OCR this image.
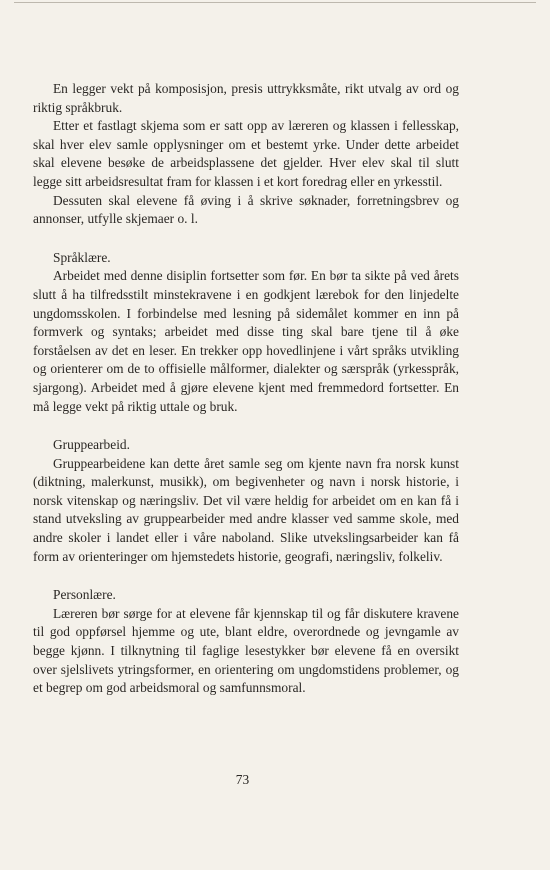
En legger vekt på komposisjon, presis uttrykksmåte, rikt utvalg av ord og riktig språkbruk.

Etter et fastlagt skjema som er satt opp av læreren og klassen i fellesskap, skal hver elev samle opplysninger om et bestemt yrke. Under dette arbeidet skal elevene besøke de arbeidsplassene det gjelder. Hver elev skal til slutt legge sitt arbeidsresultat fram for klassen i et kort foredrag eller en yrkesstil.

Dessuten skal elevene få øving i å skrive søknader, forretningsbrev og annonser, utfylle skjemaer o. l.

Språklære.

Arbeidet med denne disiplin fortsetter som før. En bør ta sikte på ved årets slutt å ha tilfredsstilt minstekravene i en godkjent lærebok for den linjedelte ungdomsskolen. I forbindelse med lesning på sidemålet kommer en inn på formverk og syntaks; arbeidet med disse ting skal bare tjene til å øke forståelsen av det en leser. En trekker opp hovedlinjene i vårt språks utvikling og orienterer om de to offisielle målformer, dialekter og særspråk (yrkesspråk, sjargong). Arbeidet med å gjøre elevene kjent med fremmedord fortsetter. En må legge vekt på riktig uttale og bruk.

Gruppearbeid.

Gruppearbeidene kan dette året samle seg om kjente navn fra norsk kunst (diktning, malerkunst, musikk), om begivenheter og navn i norsk historie, i norsk vitenskap og næringsliv. Det vil være heldig for arbeidet om en kan få i stand utveksling av gruppearbeider med andre klasser ved samme skole, med andre skoler i landet eller i våre naboland. Slike utvekslingsarbeider kan få form av orienteringer om hjemstedets historie, geografi, næringsliv, folkeliv.

Personlære.

Læreren bør sørge for at elevene får kjennskap til og får diskutere kravene til god oppførsel hjemme og ute, blant eldre, overordnede og jevngamle av begge kjønn. I tilknytning til faglige lesestykker bør elevene få en oversikt over sjelslivets ytringsformer, en orientering om ungdomstidens problemer, og et begrep om god arbeidsmoral og samfunnsmoral.

73
